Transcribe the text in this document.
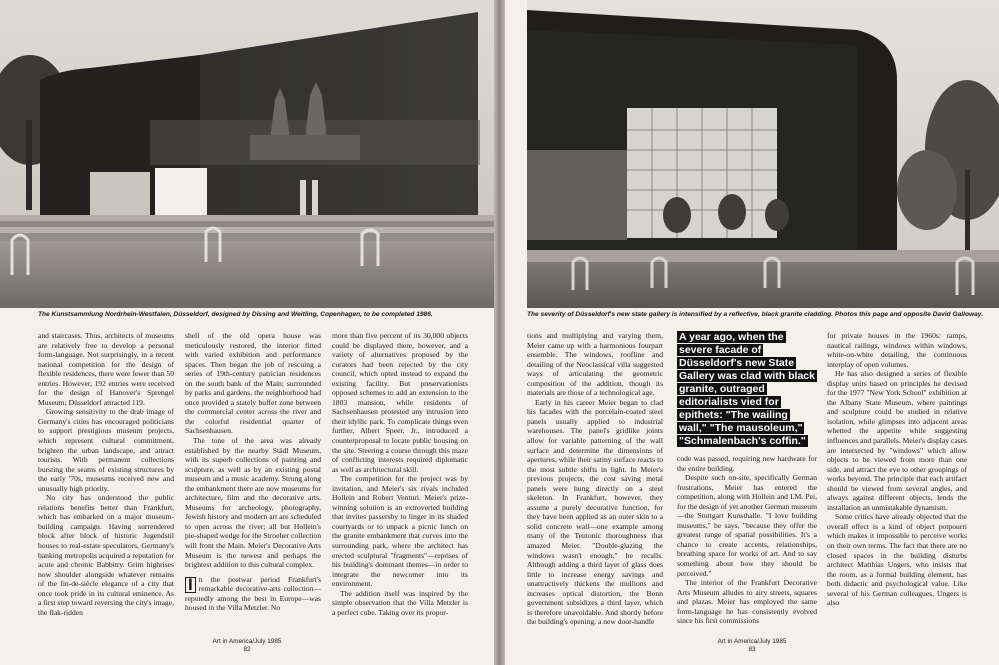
The Kunstsammlung Nordrhein-Westfalen, Düsseldorf, designed by Dissing and Weitling, Copenhagen, to be completed 1986.

and staircases. Thus, architects of museums are relatively free to develop a personal form-language. Not surprisingly, in a recent national competition for the design of flexible residences, there were fewer than 50 entries. However, 192 entries were received for the design of Hanover's Sprengel Museum; Düsseldorf attracted 119.

Growing sensitivity to the drab image of Germany's cities has encouraged politicians to support prestigious museum projects, which represent cultural commitment, brighten the urban landscape, and attract tourists. With permanent collections bursting the seams of existing structures by the early '70s, museums received new and unusually high priority.

No city has understood the public relations benefits better than Frankfurt, which has embarked on a major museum-building campaign. Having surrendered block after block of historic Jugendstil houses to real-estate speculators, Germany's banking metropolis acquired a reputation for acute and chronic Babbitry. Grim highrises now shoulder alongside whatever remains of the fin-de-siècle elegance of a city that once took pride in its cultural eminence. As a first step toward reversing the city's image, the flak-ridden

shell of the old opera house was meticulously restored, the interior fitted with varied exhibition and performance spaces. Then began the job of rescuing a series of 19th-century patrician residences on the south bank of the Main; surrounded by parks and gardens, the neighborhood had once provided a stately buffer zone between the commercial center across the river and the colorful residential quarter of Sachsenhausen.

The tone of the area was already established by the nearby Städl Museum, with its superb collections of painting and sculpture, as well as by an existing postal museum and a music academy. Strung along the embankment there are now museums for architecture, film and the decorative arts. Museums for archeology, photography, Jewish history and modern art are scheduled to open across the river; all but Hollein's pie-shaped wedge for the Stroeher collection will front the Main. Meier's Decorative Arts Museum is the newest and perhaps the brightest addition to this cultural complex.

I n the postwar period Frankfurt's remarkable decorative-arts collection—reputedly among the best in Europe—was housed in the Villa Metzler. No

more than five percent of its 30,000 objects could be displayed there, however, and a variety of alternatives proposed by the curators had been rejected by the city council, which opted instead to expand the existing facility. But preservationists opposed schemes to add an extension to the 1803 mansion, while residents of Sachsenhausen protested any intrusion into their idyllic park. To complicate things even further, Albert Speer, Jr., introduced a counterproposal to locate public housing on the site. Steering a course through this maze of conflicting interests required diplomatic as well as architectural skill.

The competition for the project was by invitation, and Meier's six rivals included Hollein and Robert Venturi. Meier's prize-winning solution is an extroverted building that invites passersby to linger in its shaded courtyards or to unpack a picnic lunch on the granite embankment that curves into the surrounding park, where the architect has erected sculptural "fragments"—reprises of his building's dominant themes—in order to integrate the newcomer into its environment.

The addition itself was inspired by the simple observation that the Villa Metzler is a perfect cube. Taking over its propor-

Art in America/July 1985
82
The severity of Düsseldorf's new state gallery is intensified by a reflective, black granite cladding. Photos this page and opposite David Galloway.

tions and multiplying and varying them, Meier came up with a harmonious fourpart ensemble. The windows, roofline and detailing of the Neoclassical villa suggested ways of articulating the geometric composition of the addition, though its materials are those of a technological age.

Early in his career Meier began to clad his facades with the porcelain-coated steel panels usually applied to industrial warehouses. The panel's gridlike joints allow for variable patterning of the wall surface and determine the dimensions of apertures, while their satiny surface reacts to the most subtle shifts in light. In Meier's previous projects, the cost saving metal panels were hung directly on a steel skeleton. In Frankfurt, however, they assume a purely decorative function, for they have been applied as an outer skin to a solid concrete wall—one example among many of the Teutonic thoroughness that amazed Meier. "Double-glazing the windows wasn't enough," he recalls. Although adding a third layer of glass does little to increase energy savings and unattractively thickens the mullions and increases optical distortion, the Bonn government subsidizes a third layer, which is therefore unavoidable. And shortly before the building's opening, a new door-handle

A year ago, when the severe facade of Düsseldorf's new State Gallery was clad with black granite, outraged editorialists vied for epithets: "The wailing wall," "The mausoleum," "Schmalenbach's coffin."

code was passed, requiring new hardware for the entire building.

Despite such on-site, specifically German frustrations, Meier has entered the competition, along with Hollein and I.M. Pei, for the design of yet another German museum—the Stuttgart Kunsthalle. "I love building museums," he says, "because they offer the greatest range of spatial possibilities. It's a chance to create accents, relationships, breathing space for works of art. And to say something about how they should be perceived."

The interior of the Frankfurt Decorative Arts Museum alludes to airy streets, squares and plazas. Meier has employed the same form-language he has consistently evolved since his first commissions

for private houses in the 1960s: ramps, nautical railings, windows within windows, white-on-white detailing, the continuous interplay of open volumes.

He has also designed a series of flexible display units based on principles he devised for the 1977 "New York School" exhibition at the Albany State Museum, where paintings and sculpture could be studied in relative isolation, while glimpses into adjacent areas whetted the appetite while suggesting influences and parallels. Meier's display cases are intersected by "windows" which allow objects to be viewed from more than one side, and attract the eye to other groupings of works beyond. The principle that each artifact should be viewed from several angles, and always against different objects, lends the installation an unmistakable dynamism.

Some critics have already objected that the overall effect is a kind of object potpourri which makes it impossible to perceive works on their own terms. The fact that there are no closed spaces in the building disturbs architect Matthias Ungers, who insists that the room, as a formal building element, has both didactic and psychological value. Like several of his German colleagues, Ungers is also

Art in America/July 1985
83
